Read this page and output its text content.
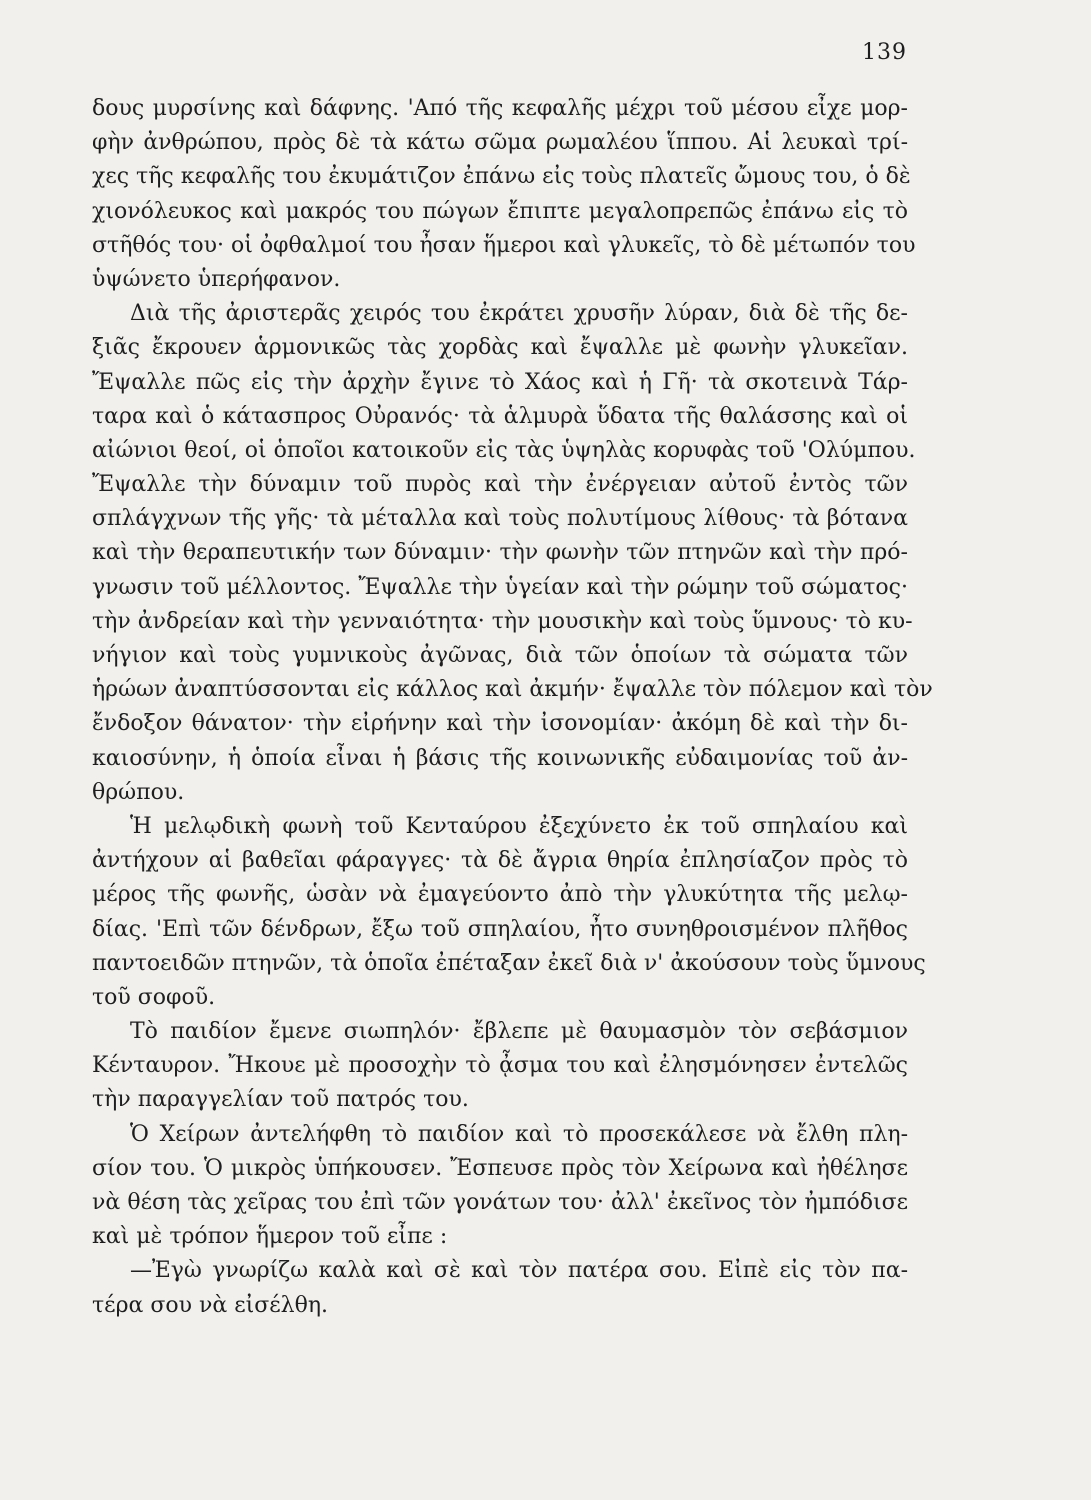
139
δους μυρσίνης καὶ δάφνης. 'Από τῆς κεφαλῆς μέχρι τοῦ μέσου εἶχε μορ-
φὴν ἀνθρώπου, πρὸς δὲ τὰ κάτω σῶμα ρωμαλέου ἵππου. Αἱ λευκαὶ τρί-
χες τῆς κεφαλῆς του ἐκυμάτιζον ἐπάνω εἰς τοὺς πλατεῖς ὤμους του, ὁ δὲ
χιονόλευκος καὶ μακρός του πώγων ἔπιπτε μεγαλοπρεπῶς ἐπάνω εἰς τὸ
στῆθός του· οἱ ὀφθαλμοί του ἦσαν ἥμεροι καὶ γλυκεῖς, τὸ δὲ μέτωπόν του
ὑψώνετο ὑπερήφανον.
Διὰ τῆς ἀριστερᾶς χειρός του ἐκράτει χρυσῆν λύραν, διὰ δὲ τῆς δε-
ξιᾶς ἔκρουεν ἁρμονικῶς τὰς χορδὰς καὶ ἔψαλλε μὲ φωνὴν γλυκεῖαν.
Ἔψαλλε πῶς εἰς τὴν ἀρχὴν ἔγινε τὸ Χάος καὶ ἡ Γῆ· τὰ σκοτεινὰ Τάρ-
ταρα καὶ ὁ κάτασπρος Οὐρανός· τὰ ἁλμυρὰ ὕδατα τῆς θαλάσσης καὶ οἱ
αἰώνιοι θεοί, οἱ ὁποῖοι κατοικοῦν εἰς τὰς ὑψηλὰς κορυφὰς τοῦ 'Ολύμπου.
Ἔψαλλε τὴν δύναμιν τοῦ πυρὸς καὶ τὴν ἐνέργειαν αὐτοῦ ἐντὸς τῶν
σπλάγχνων τῆς γῆς· τὰ μέταλλα καὶ τοὺς πολυτίμους λίθους· τὰ βότανα
καὶ τὴν θεραπευτικήν των δύναμιν· τὴν φωνὴν τῶν πτηνῶν καὶ τὴν πρό-
γνωσιν τοῦ μέλλοντος. Ἔψαλλε τὴν ὑγείαν καὶ τὴν ρώμην τοῦ σώματος·
τὴν ἀνδρείαν καὶ τὴν γενναιότητα· τὴν μουσικὴν καὶ τοὺς ὕμνους· τὸ κυ-
νήγιον καὶ τοὺς γυμνικοὺς ἀγῶνας, διὰ τῶν ὁποίων τὰ σώματα τῶν
ἡρώων ἀναπτύσσονται εἰς κάλλος καὶ ἀκμήν· ἔψαλλε τὸν πόλεμον καὶ τὸν
ἔνδοξον θάνατον· τὴν εἰρήνην καὶ τὴν ἰσονομίαν· ἀκόμη δὲ καὶ τὴν δι-
καιοσύνην, ἡ ὁποία εἶναι ἡ βάσις τῆς κοινωνικῆς εὐδαιμονίας τοῦ ἀν-
θρώπου.
Ἡ μελῳδικὴ φωνὴ τοῦ Κενταύρου ἐξεχύνετο ἐκ τοῦ σπηλαίου καὶ
ἀντήχουν αἱ βαθεῖαι φάραγγες· τὰ δὲ ἄγρια θηρία ἐπλησίαζον πρὸς τὸ
μέρος τῆς φωνῆς, ὡσὰν νὰ ἐμαγεύοντο ἀπὸ τὴν γλυκύτητα τῆς μελῳ-
δίας. 'Επὶ τῶν δένδρων, ἔξω τοῦ σπηλαίου, ἦτο συνηθροισμένον πλῆθος
παντοειδῶν πτηνῶν, τὰ ὁποῖα ἐπέταξαν ἐκεῖ διὰ ν' ἀκούσουν τοὺς ὕμνους
τοῦ σοφοῦ.
Τὸ παιδίον ἔμενε σιωπηλόν· ἔβλεπε μὲ θαυμασμὸν τὸν σεβάσμιον
Κένταυρον. Ἤκουε μὲ προσοχὴν τὸ ᾆσμα του καὶ ἐλησμόνησεν ἐντελῶς
τὴν παραγγελίαν τοῦ πατρός του.
Ὁ Χείρων ἀντελήφθη τὸ παιδίον καὶ τὸ προσεκάλεσε νὰ ἔλθη πλη-
σίον του. Ὁ μικρὸς ὑπήκουσεν. Ἔσπευσε πρὸς τὸν Χείρωνα καὶ ἠθέλησε
νὰ θέση τὰς χεῖρας του ἐπὶ τῶν γονάτων του· ἀλλ' ἐκεῖνος τὸν ἠμπόδισε
καὶ μὲ τρόπον ἥμερον τοῦ εἶπε :
—Ἐγὼ γνωρίζω καλὰ καὶ σὲ καὶ τὸν πατέρα σου. Εἰπὲ εἰς τὸν πα-
τέρα σου νὰ εἰσέλθη.
